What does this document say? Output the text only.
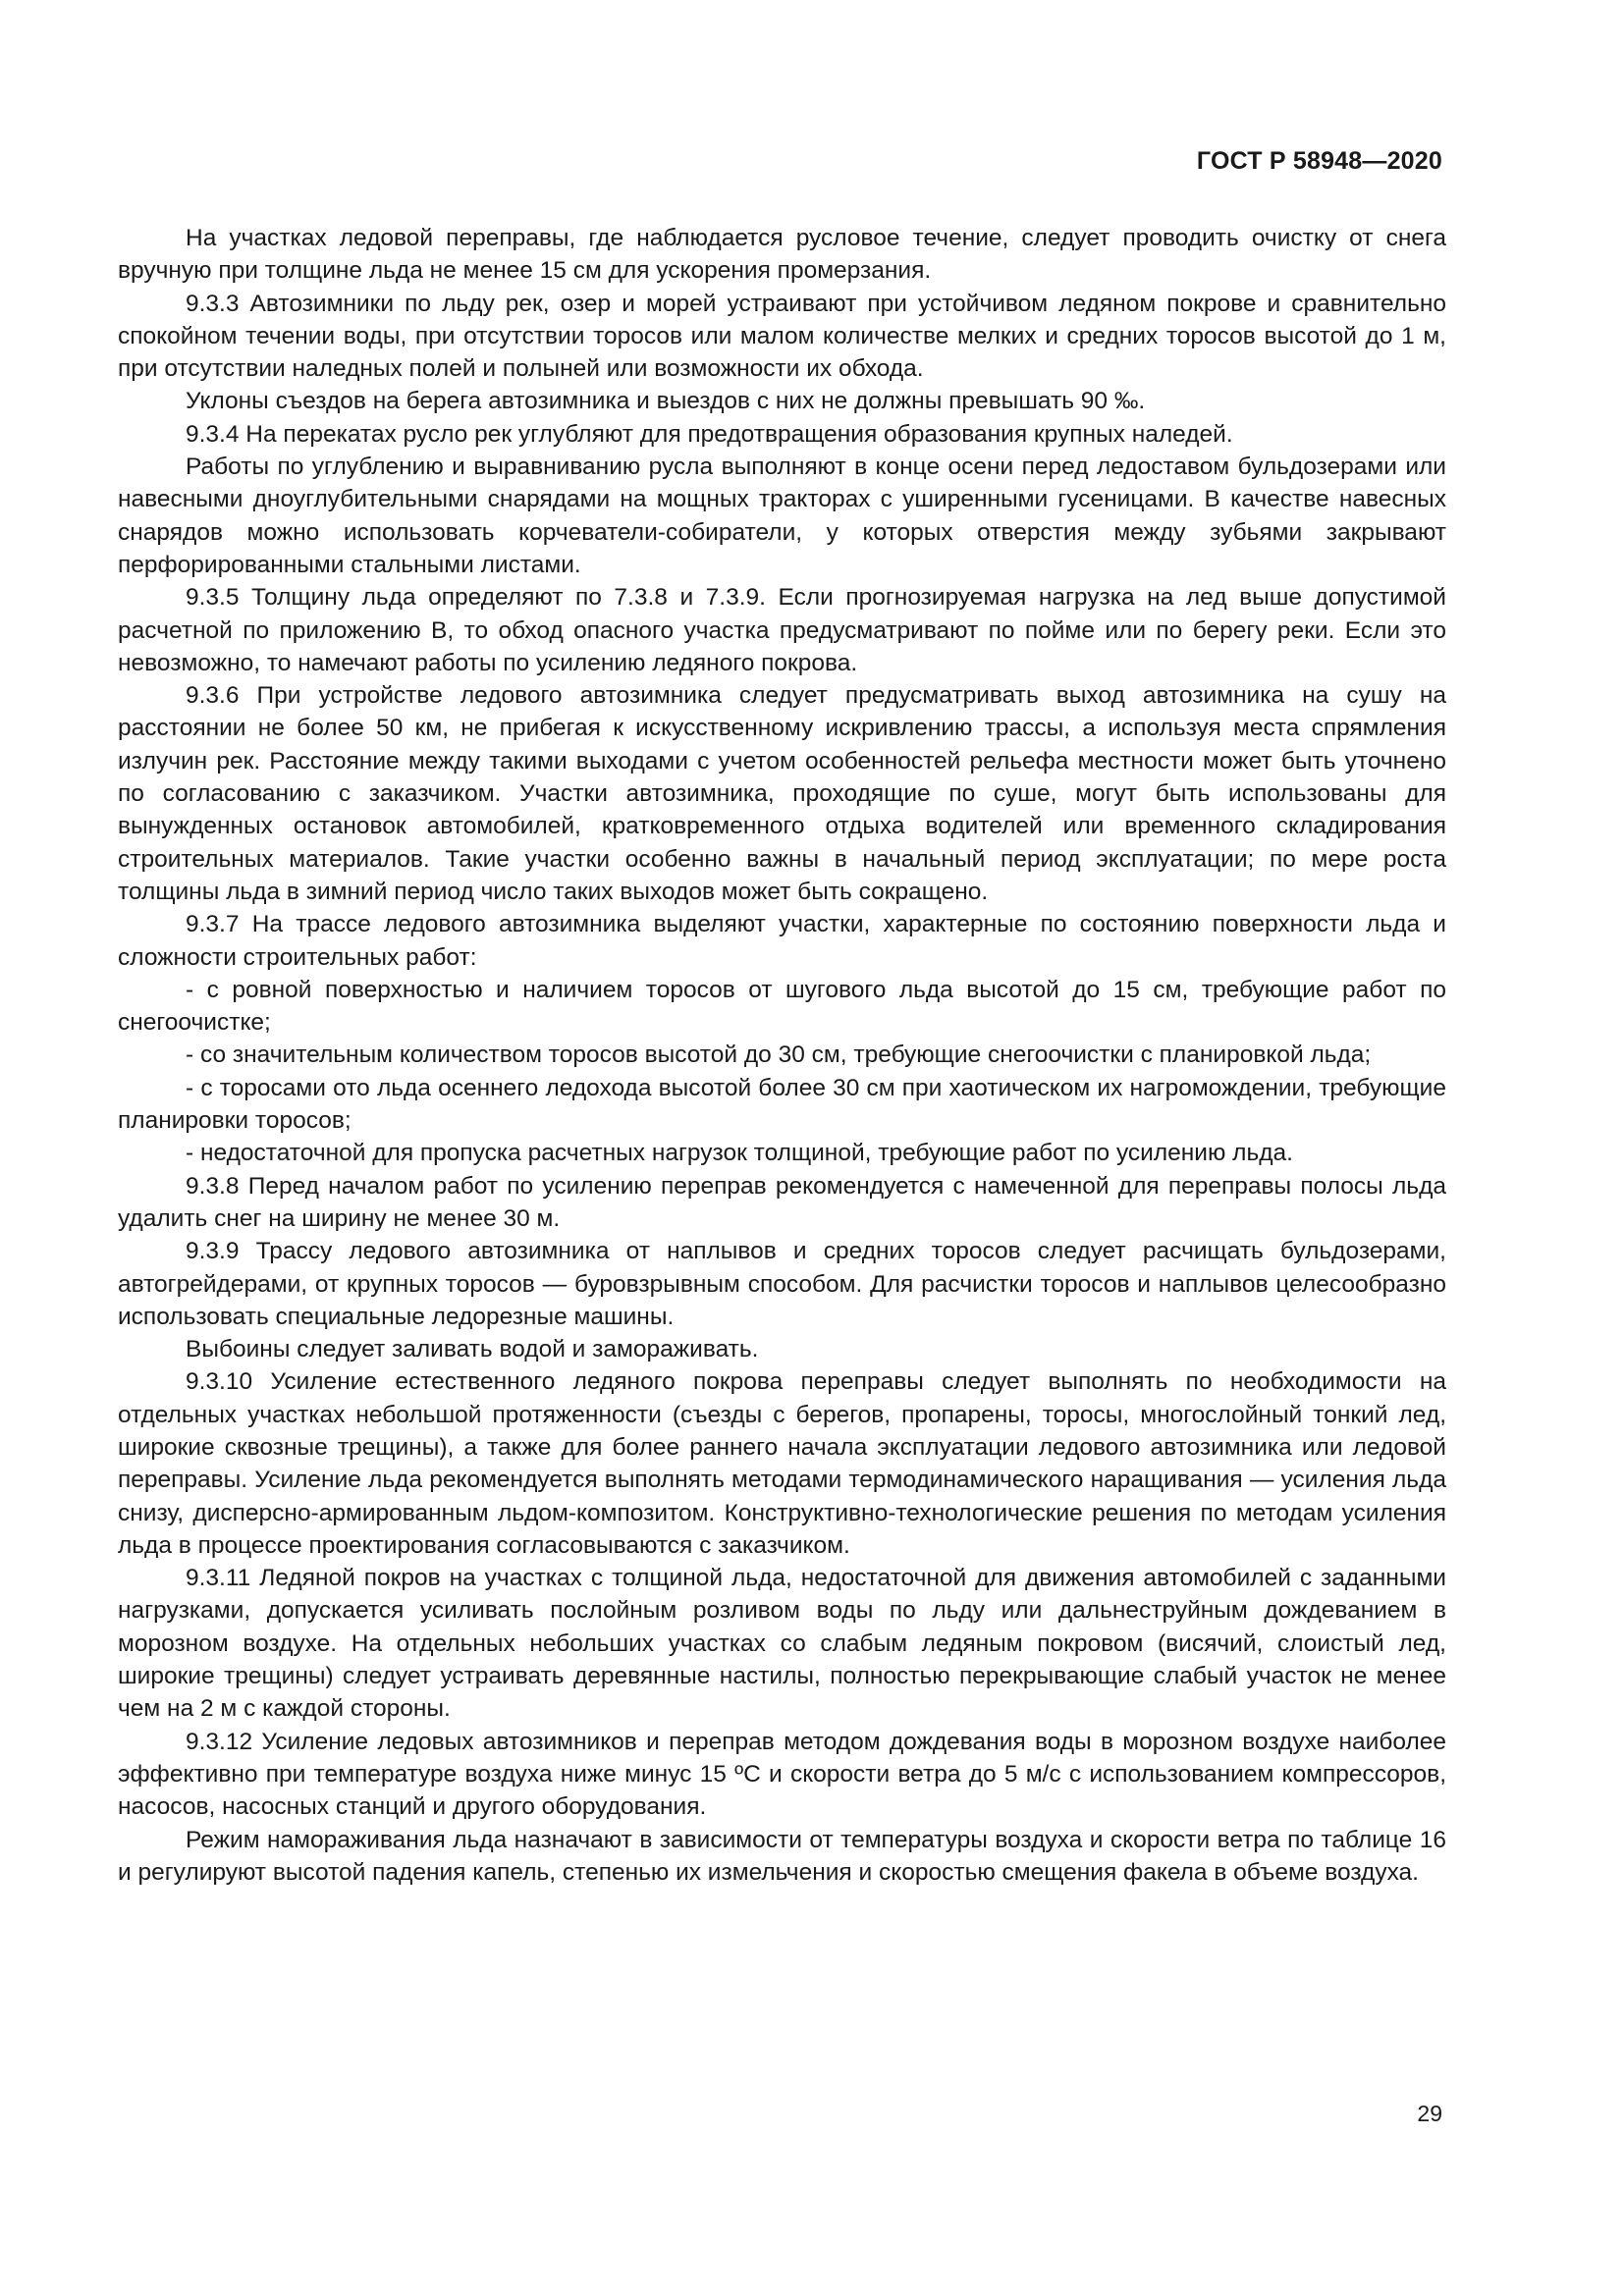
ГОСТ Р 58948—2020

На участках ледовой переправы, где наблюдается русловое течение, следует проводить очистку от снега вручную при толщине льда не менее 15 см для ускорения промерзания.

9.3.3 Автозимники по льду рек, озер и морей устраивают при устойчивом ледяном покрове и сравнительно спокойном течении воды, при отсутствии торосов или малом количестве мелких и средних торосов высотой до 1 м, при отсутствии наледных полей и полыней или возможности их обхода.

Уклоны съездов на берега автозимника и выездов с них не должны превышать 90 ‰.

9.3.4 На перекатах русло рек углубляют для предотвращения образования крупных наледей.

Работы по углублению и выравниванию русла выполняют в конце осени перед ледоставом бульдозерами или навесными дноуглубительными снарядами на мощных тракторах с уширенными гусеницами. В качестве навесных снарядов можно использовать корчеватели-собиратели, у которых отверстия между зубьями закрывают перфорированными стальными листами.

9.3.5 Толщину льда определяют по 7.3.8 и 7.3.9. Если прогнозируемая нагрузка на лед выше допустимой расчетной по приложению В, то обход опасного участка предусматривают по пойме или по берегу реки. Если это невозможно, то намечают работы по усилению ледяного покрова.

9.3.6 При устройстве ледового автозимника следует предусматривать выход автозимника на сушу на расстоянии не более 50 км, не прибегая к искусственному искривлению трассы, а используя места спрямления излучин рек. Расстояние между такими выходами с учетом особенностей рельефа местности может быть уточнено по согласованию с заказчиком. Участки автозимника, проходящие по суше, могут быть использованы для вынужденных остановок автомобилей, кратковременного отдыха водителей или временного складирования строительных материалов. Такие участки особенно важны в начальный период эксплуатации; по мере роста толщины льда в зимний период число таких выходов может быть сокращено.

9.3.7 На трассе ледового автозимника выделяют участки, характерные по состоянию поверхности льда и сложности строительных работ:

- с ровной поверхностью и наличием торосов от шугового льда высотой до 15 см, требующие работ по снегоочистке;

- со значительным количеством торосов высотой до 30 см, требующие снегоочистки с планировкой льда;

- с торосами ото льда осеннего ледохода высотой более 30 см при хаотическом их нагромождении, требующие планировки торосов;

- недостаточной для пропуска расчетных нагрузок толщиной, требующие работ по усилению льда.

9.3.8 Перед началом работ по усилению переправ рекомендуется с намеченной для переправы полосы льда удалить снег на ширину не менее 30 м.

9.3.9 Трассу ледового автозимника от наплывов и средних торосов следует расчищать бульдозерами, автогрейдерами, от крупных торосов — буровзрывным способом. Для расчистки торосов и наплывов целесообразно использовать специальные ледорезные машины.

Выбоины следует заливать водой и замораживать.

9.3.10 Усиление естественного ледяного покрова переправы следует выполнять по необходимости на отдельных участках небольшой протяженности (съезды с берегов, пропарены, торосы, многослойный тонкий лед, широкие сквозные трещины), а также для более раннего начала эксплуатации ледового автозимника или ледовой переправы. Усиление льда рекомендуется выполнять методами термодинамического наращивания — усиления льда снизу, дисперсно-армированным льдом-композитом. Конструктивно-технологические решения по методам усиления льда в процессе проектирования согласовываются с заказчиком.

9.3.11 Ледяной покров на участках с толщиной льда, недостаточной для движения автомобилей с заданными нагрузками, допускается усиливать послойным розливом воды по льду или дальнеструйным дождеванием в морозном воздухе. На отдельных небольших участках со слабым ледяным покровом (висячий, слоистый лед, широкие трещины) следует устраивать деревянные настилы, полностью перекрывающие слабый участок не менее чем на 2 м с каждой стороны.

9.3.12 Усиление ледовых автозимников и переправ методом дождевания воды в морозном воздухе наиболее эффективно при температуре воздуха ниже минус 15 ºС и скорости ветра до 5 м/с с использованием компрессоров, насосов, насосных станций и другого оборудования.

Режим намораживания льда назначают в зависимости от температуры воздуха и скорости ветра по таблице 16 и регулируют высотой падения капель, степенью их измельчения и скоростью смещения факела в объеме воздуха.

29
